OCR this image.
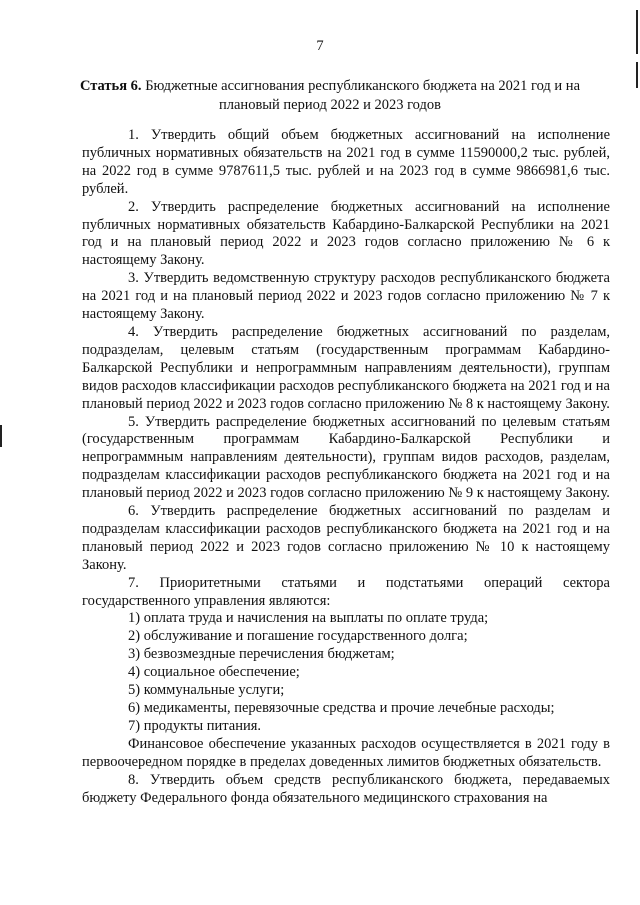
7
Статья 6. Бюджетные ассигнования республиканского бюджета на 2021 год и на плановый период 2022 и 2023 годов

1. Утвердить общий объем бюджетных ассигнований на исполнение публичных нормативных обязательств на 2021 год в сумме 11590000,2 тыс. рублей, на 2022 год в сумме 9787611,5 тыс. рублей и на 2023 год в сумме 9866981,6 тыс. рублей.

2. Утвердить распределение бюджетных ассигнований на исполнение публичных нормативных обязательств Кабардино-Балкарской Республики на 2021 год и на плановый период 2022 и 2023 годов согласно приложению № 6 к настоящему Закону.

3. Утвердить ведомственную структуру расходов республиканского бюджета на 2021 год и на плановый период 2022 и 2023 годов согласно приложению № 7 к настоящему Закону.

4. Утвердить распределение бюджетных ассигнований по разделам, подразделам, целевым статьям (государственным программам Кабардино-Балкарской Республики и непрограммным направлениям деятельности), группам видов расходов классификации расходов республиканского бюджета на 2021 год и на плановый период 2022 и 2023 годов согласно приложению № 8 к настоящему Закону.

5. Утвердить распределение бюджетных ассигнований по целевым статьям (государственным программам Кабардино-Балкарской Республики и непрограммным направлениям деятельности), группам видов расходов, разделам, подразделам классификации расходов республиканского бюджета на 2021 год и на плановый период 2022 и 2023 годов согласно приложению № 9 к настоящему Закону.

6. Утвердить распределение бюджетных ассигнований по разделам и подразделам классификации расходов республиканского бюджета на 2021 год и на плановый период 2022 и 2023 годов согласно приложению № 10 к настоящему Закону.

7. Приоритетными статьями и подстатьями операций сектора государственного управления являются:

1) оплата труда и начисления на выплаты по оплате труда;

2) обслуживание и погашение государственного долга;

3) безвозмездные перечисления бюджетам;

4) социальное обеспечение;

5) коммунальные услуги;

6) медикаменты, перевязочные средства и прочие лечебные расходы;

7) продукты питания.

Финансовое обеспечение указанных расходов осуществляется в 2021 году в первоочередном порядке в пределах доведенных лимитов бюджетных обязательств.

8. Утвердить объем средств республиканского бюджета, передаваемых бюджету Федерального фонда обязательного медицинского страхования на
